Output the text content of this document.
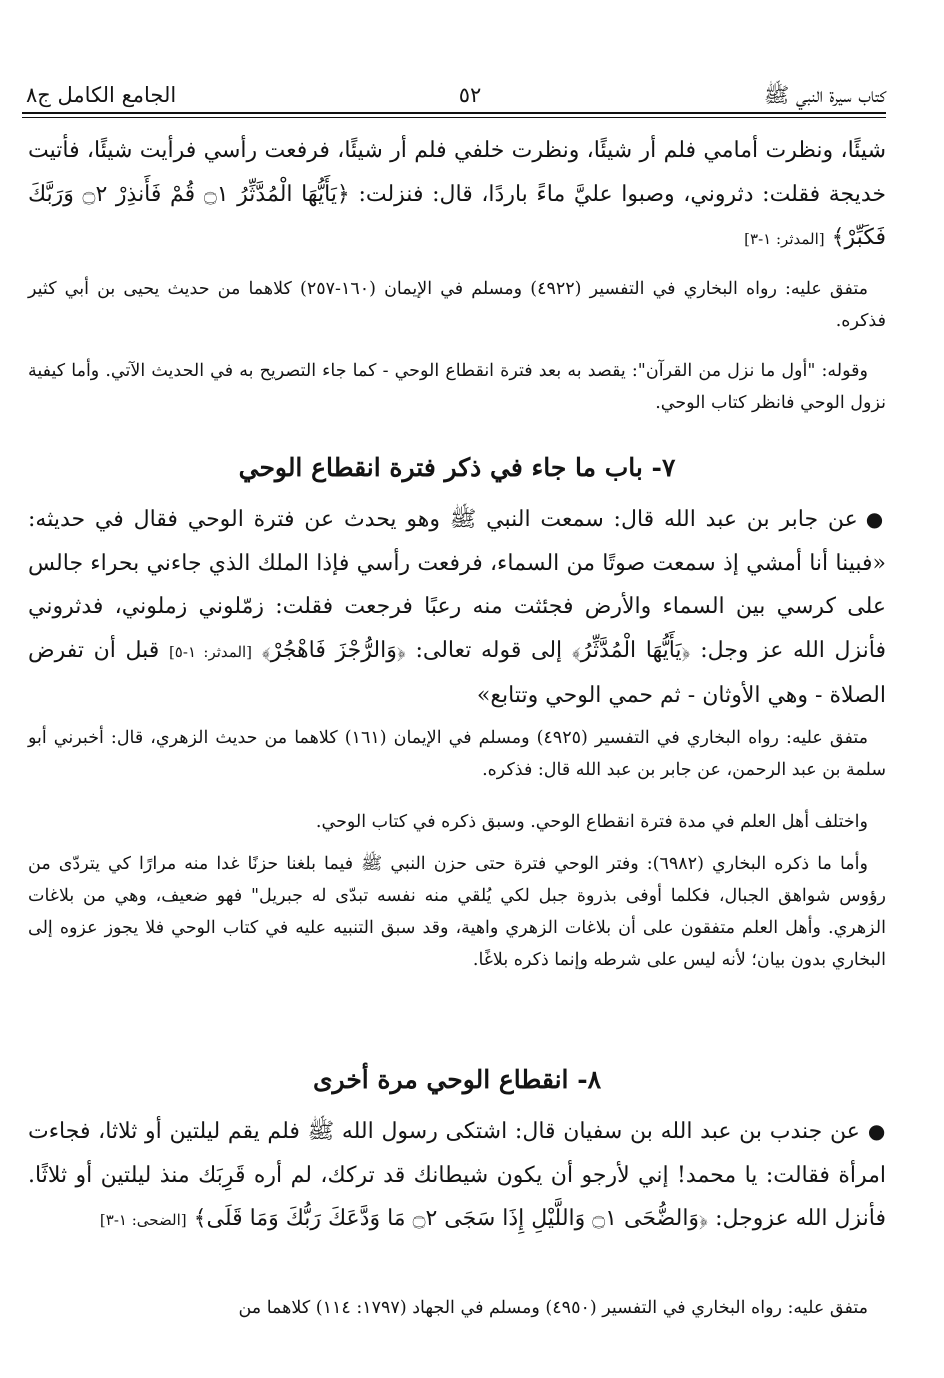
كتاب سيرة النبي ﷺ
٥٢
الجامع الكامل ج٨

شيئًا، ونظرت أمامي فلم أر شيئًا، ونظرت خلفي فلم أر شيئًا، فرفعت رأسي فرأيت شيئًا، فأتيت خديجة فقلت: دثروني، وصبوا عليَّ ماءً باردًا، قال: فنزلت: ﴿يَأَيُّهَا الْمُدَّثِّرُ ۝١ قُمْ فَأَنذِرْ ۝٢ وَرَبَّكَ فَكَبِّرْ﴾ [المدثر: ١-٣]

متفق عليه: رواه البخاري في التفسير (٤٩٢٢) ومسلم في الإيمان (١٦٠-٢٥٧) كلاهما من حديث يحيى بن أبي كثير فذكره.

وقوله: "أول ما نزل من القرآن": يقصد به بعد فترة انقطاع الوحي - كما جاء التصريح به في الحديث الآتي. وأما كيفية نزول الوحي فانظر كتاب الوحي.

٧- باب ما جاء في ذكر فترة انقطاع الوحي

●عن جابر بن عبد الله قال: سمعت النبي ﷺ وهو يحدث عن فترة الوحي فقال في حديثه: «فبينا أنا أمشي إذ سمعت صوتًا من السماء، فرفعت رأسي فإذا الملك الذي جاءني بحراء جالس على كرسي بين السماء والأرض فجئثت منه رعبًا فرجعت فقلت: زمّلوني زملوني، فدثروني فأنزل الله عز وجل: ﴿يَأَيُّهَا الْمُدَّثِّرُ﴾ إلى قوله تعالى: ﴿وَالرُّجْزَ فَاهْجُرْ﴾ [المدثر: ١-٥] قبل أن تفرض الصلاة - وهي الأوثان - ثم حمي الوحي وتتابع»

متفق عليه: رواه البخاري في التفسير (٤٩٢٥) ومسلم في الإيمان (١٦١) كلاهما من حديث الزهري، قال: أخبرني أبو سلمة بن عبد الرحمن، عن جابر بن عبد الله قال: فذكره.

واختلف أهل العلم في مدة فترة انقطاع الوحي. وسبق ذكره في كتاب الوحي.

وأما ما ذكره البخاري (٦٩٨٢): وفتر الوحي فترة حتى حزن النبي ﷺ فيما بلغنا حزنًا غدا منه مرارًا كي يتردّى من رؤوس شواهق الجبال، فكلما أوفى بذروة جبل لكي يُلقي منه نفسه تبدّى له جبريل" فهو ضعيف، وهي من بلاغات الزهري. وأهل العلم متفقون على أن بلاغات الزهري واهية، وقد سبق التنبيه عليه في كتاب الوحي فلا يجوز عزوه إلى البخاري بدون بيان؛ لأنه ليس على شرطه وإنما ذكره بلاغًا.

٨- انقطاع الوحي مرة أخرى

●عن جندب بن عبد الله بن سفيان قال: اشتكى رسول الله ﷺ فلم يقم ليلتين أو ثلاثا، فجاءت امرأة فقالت: يا محمد! إني لأرجو أن يكون شيطانك قد تركك، لم أره قَرِبَك منذ ليلتين أو ثلاثًا. فأنزل الله عزوجل: ﴿وَالضُّحَى ۝١ وَاللَّيْلِ إِذَا سَجَى ۝٢ مَا وَدَّعَكَ رَبُّكَ وَمَا قَلَى﴾ [الضحى: ١-٣]

متفق عليه: رواه البخاري في التفسير (٤٩٥٠) ومسلم في الجهاد (١٧٩٧: ١١٤) كلاهما من
